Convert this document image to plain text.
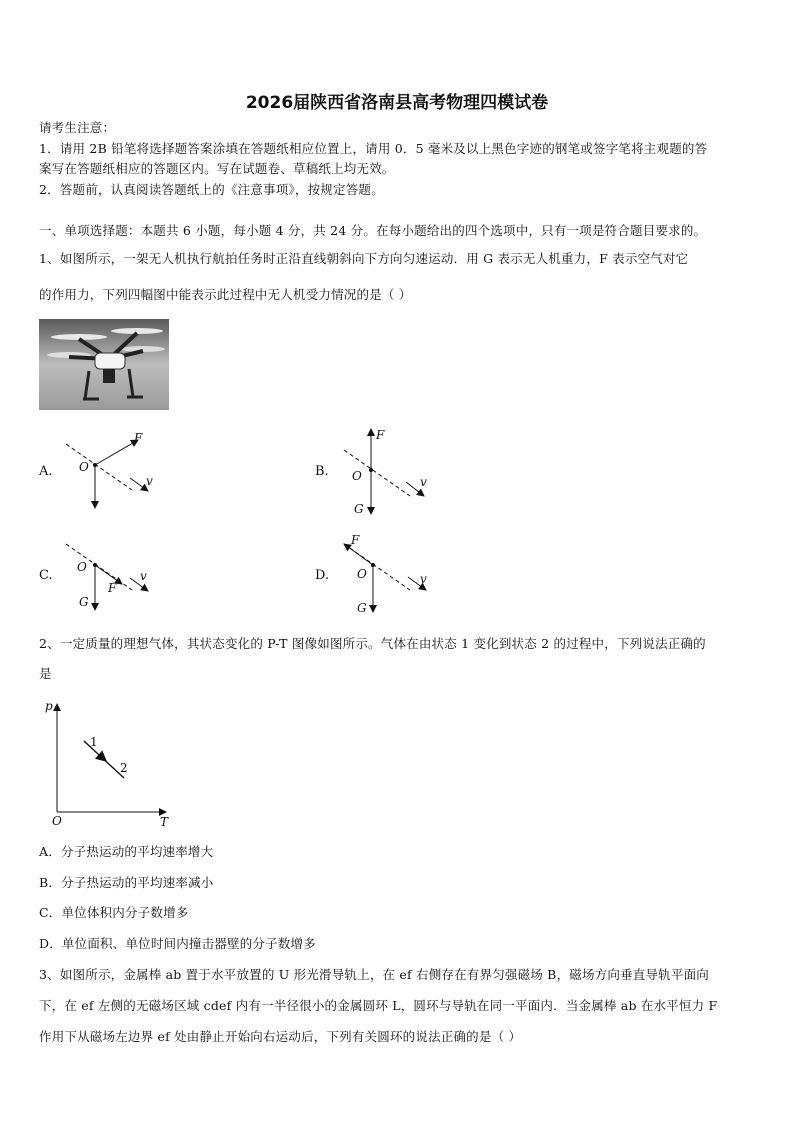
2026届陕西省洛南县高考物理四模试卷
请考生注意：
1．请用 2B 铅笔将选择题答案涂填在答题纸相应位置上，请用 0．5 毫米及以上黑色字迹的钢笔或签字笔将主观题的答
案写在答题纸相应的答题区内。写在试题卷、草稿纸上均无效。
2．答题前，认真阅读答题纸上的《注意事项》，按规定答题。
一、单项选择题：本题共 6 小题，每小题 4 分，共 24 分。在每小题给出的四个选项中，只有一项是符合题目要求的。
1、如图所示，一架无人机执行航拍任务时正沿直线朝斜向下方向匀速运动．用 G 表示无人机重力，F 表示空气对它
的作用力，下列四幅图中能表示此过程中无人机受力情况的是（ ）
A.
F
O
v
B.
F
O
G
v
C.
O
F
G
v	D.
F
O
G
v
2、一定质量的理想气体，其状态变化的 P-T 图像如图所示。气体在由状态 1 变化到状态 2 的过程中，下列说法正确的
是
p
T
O
1
2
A．分子热运动的平均速率增大
B．分子热运动的平均速率减小
C．单位体积内分子数增多
D．单位面积、单位时间内撞击器壁的分子数增多
3、如图所示，金属棒 ab 置于水平放置的 U 形光滑导轨上，在 ef 右侧存在有界匀强磁场 B，磁场方向垂直导轨平面向
下，在 ef 左侧的无磁场区域 cdef 内有一半径很小的金属圆环 L，圆环与导轨在同一平面内．当金属棒 ab 在水平恒力 F
作用下从磁场左边界 ef 处由静止开始向右运动后，下列有关圆环的说法正确的是（ ）
